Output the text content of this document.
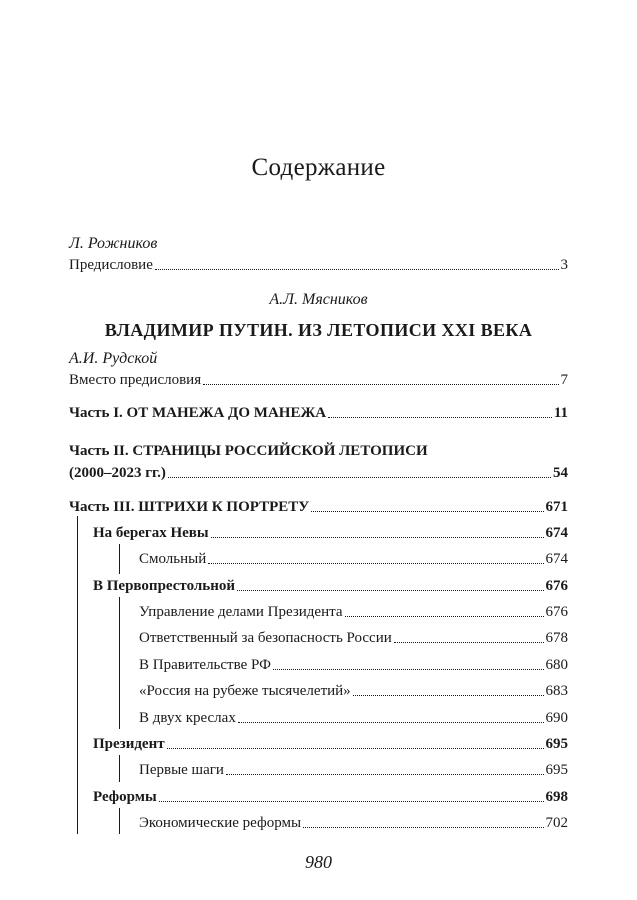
Содержание
Л. Рожников
Предисловие	3
А.Л. Мясников
ВЛАДИМИР ПУТИН. ИЗ ЛЕТОПИСИ XXI ВЕКА
А.И. Рудской
Вместо предисловия	7
Часть I. ОТ МАНЕЖА ДО МАНЕЖА	11
Часть II. СТРАНИЦЫ РОССИЙСКОЙ ЛЕТОПИСИ
(2000–2023 гг.)	54
Часть III. ШТРИХИ К ПОРТРЕТУ	671
На берегах Невы	674
Смольный	674
В Первопрестольной	676
Управление делами Президента	676
Ответственный за безопасность России	678
В Правительстве РФ	680
«Россия на рубеже тысячелетий»	683
В двух креслах	690
Президент	695
Первые шаги	695
Реформы	698
Экономические реформы	702
980
